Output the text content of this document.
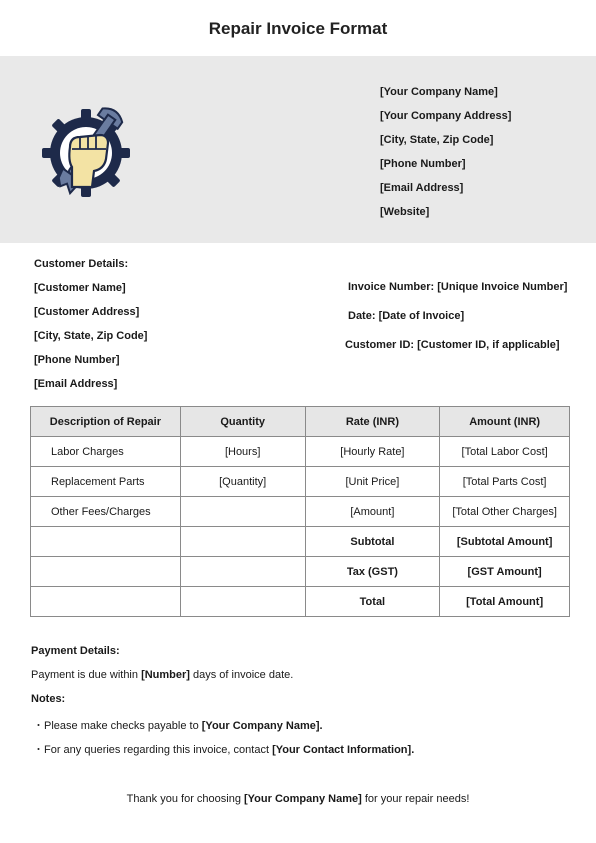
Repair Invoice Format
[Your Company Name]
[Your Company Address]
[City, State, Zip Code]
[Phone Number]
[Email Address]
[Website]
Customer Details:
[Customer Name]
[Customer Address]
[City, State, Zip Code]
[Phone Number]
[Email Address]
Invoice Number: [Unique Invoice Number]
Date: [Date of Invoice]
Customer ID: [Customer ID, if applicable]
Description of Repair	Quantity	Rate (INR)	Amount (INR)
Labor Charges	[Hours]	[Hourly Rate]	[Total Labor Cost]
Replacement Parts	[Quantity]	[Unit Price]	[Total Parts Cost]
Other Fees/Charges		[Amount]	[Total Other Charges]
		Subtotal	[Subtotal Amount]
		Tax (GST)	[GST Amount]
		Total	[Total Amount]
Payment Details:
Payment is due within [Number] days of invoice date.
Notes:
・Please make checks payable to [Your Company Name].
・For any queries regarding this invoice, contact [Your Contact Information].
Thank you for choosing [Your Company Name] for your repair needs!
